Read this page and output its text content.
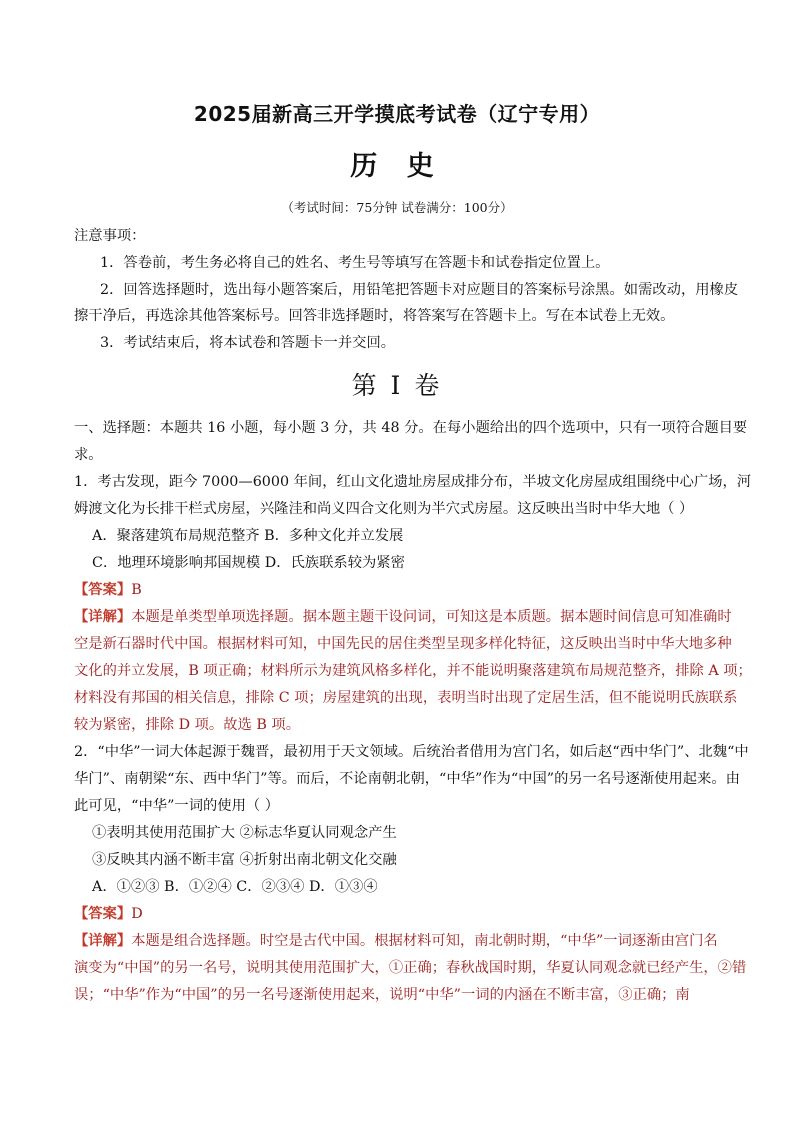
2025届新高三开学摸底考试卷（辽宁专用）
历 史
（考试时间：75分钟 试卷满分：100分）
注意事项：
1．答卷前，考生务必将自己的姓名、考生号等填写在答题卡和试卷指定位置上。
2．回答选择题时，选出每小题答案后，用铅笔把答题卡对应题目的答案标号涂黑。如需改动，用橡皮
擦干净后，再选涂其他答案标号。回答非选择题时，将答案写在答题卡上。写在本试卷上无效。
3．考试结束后，将本试卷和答题卡一并交回。
第 I 卷
一、选择题：本题共 16 小题，每小题 3 分，共 48 分。在每小题给出的四个选项中，只有一项符合题目要
求。
1．考古发现，距今 7000—6000 年间，红山文化遗址房屋成排分布，半坡文化房屋成组围绕中心广场，河
姆渡文化为长排干栏式房屋，兴隆洼和尚义四合文化则为半穴式房屋。这反映出当时中华大地（ ）
A．聚落建筑布局规范整齐 B．多种文化并立发展
C．地理环境影响邦国规模 D．氏族联系较为紧密
【答案】B
【详解】本题是单类型单项选择题。据本题主题干设问词，可知这是本质题。据本题时间信息可知准确时
空是新石器时代中国。根据材料可知，中国先民的居住类型呈现多样化特征，这反映出当时中华大地多种
文化的并立发展，B 项正确；材料所示为建筑风格多样化，并不能说明聚落建筑布局规范整齐，排除 A 项；
材料没有邦国的相关信息，排除 C 项；房屋建筑的出现，表明当时出现了定居生活，但不能说明氏族联系
较为紧密，排除 D 项。故选 B 项。
2．“中华”一词大体起源于魏晋，最初用于天文领域。后统治者借用为宫门名，如后赵“西中华门”、北魏“中
华门”、南朝梁“东、西中华门”等。而后，不论南朝北朝，“中华”作为“中国”的另一名号逐渐使用起来。由
此可见，“中华”一词的使用（ ）
①表明其使用范围扩大 ②标志华夏认同观念产生
③反映其内涵不断丰富 ④折射出南北朝文化交融
A．①②③ B．①②④ C．②③④ D．①③④
【答案】D
【详解】本题是组合选择题。时空是古代中国。根据材料可知，南北朝时期，“中华”一词逐渐由宫门名
演变为“中国”的另一名号，说明其使用范围扩大，①正确；春秋战国时期，华夏认同观念就已经产生，②错
误；“中华”作为“中国”的另一名号逐渐使用起来，说明“中华”一词的内涵在不断丰富，③正确；南
